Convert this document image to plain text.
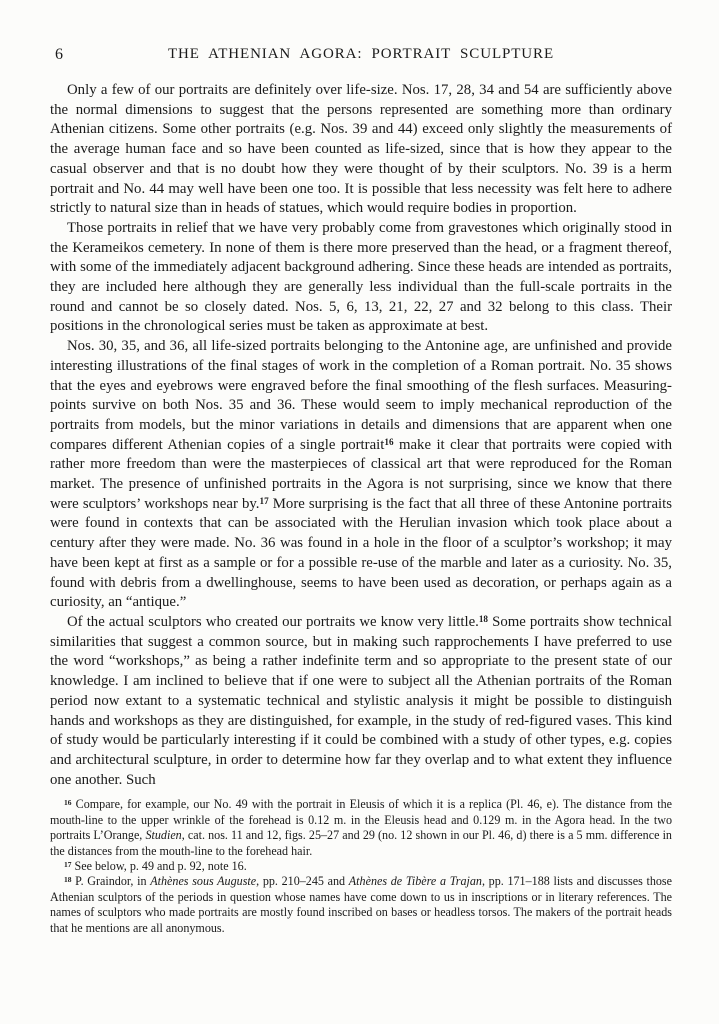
6	THE ATHENIAN AGORA: PORTRAIT SCULPTURE

Only a few of our portraits are definitely over life-size. Nos. 17, 28, 34 and 54 are sufficiently above the normal dimensions to suggest that the persons represented are something more than ordinary Athenian citizens. Some other portraits (e.g. Nos. 39 and 44) exceed only slightly the measurements of the average human face and so have been counted as life-sized, since that is how they appear to the casual observer and that is no doubt how they were thought of by their sculptors. No. 39 is a herm portrait and No. 44 may well have been one too. It is possible that less necessity was felt here to adhere strictly to natural size than in heads of statues, which would require bodies in proportion.

Those portraits in relief that we have very probably come from gravestones which originally stood in the Kerameikos cemetery. In none of them is there more preserved than the head, or a fragment thereof, with some of the immediately adjacent background adhering. Since these heads are intended as portraits, they are included here although they are generally less individual than the full-scale portraits in the round and cannot be so closely dated. Nos. 5, 6, 13, 21, 22, 27 and 32 belong to this class. Their positions in the chronological series must be taken as approximate at best.

Nos. 30, 35, and 36, all life-sized portraits belonging to the Antonine age, are unfinished and provide interesting illustrations of the final stages of work in the completion of a Roman portrait. No. 35 shows that the eyes and eyebrows were engraved before the final smoothing of the flesh surfaces. Measuring-points survive on both Nos. 35 and 36. These would seem to imply mechanical reproduction of the portraits from models, but the minor variations in details and dimensions that are apparent when one compares different Athenian copies of a single portrait$^{16}$ make it clear that portraits were copied with rather more freedom than were the masterpieces of classical art that were reproduced for the Roman market. The presence of unfinished portraits in the Agora is not surprising, since we know that there were sculptors’ workshops near by.$^{17}$ More surprising is the fact that all three of these Antonine portraits were found in contexts that can be associated with the Herulian invasion which took place about a century after they were made. No. 36 was found in a hole in the floor of a sculptor’s workshop; it may have been kept at first as a sample or for a possible re-use of the marble and later as a curiosity. No. 35, found with debris from a dwellinghouse, seems to have been used as decoration, or perhaps again as a curiosity, an “antique.”

Of the actual sculptors who created our portraits we know very little.$^{18}$ Some portraits show technical similarities that suggest a common source, but in making such rapprochements I have preferred to use the word “workshops,” as being a rather indefinite term and so appropriate to the present state of our knowledge. I am inclined to believe that if one were to subject all the Athenian portraits of the Roman period now extant to a systematic technical and stylistic analysis it might be possible to distinguish hands and workshops as they are distinguished, for example, in the study of red-figured vases. This kind of study would be particularly interesting if it could be combined with a study of other types, e.g. copies and architectural sculpture, in order to determine how far they overlap and to what extent they influence one another. Such

$^{16}$ Compare, for example, our No. 49 with the portrait in Eleusis of which it is a replica (Pl. 46, e). The distance from the mouth-line to the upper wrinkle of the forehead is 0.12 m. in the Eleusis head and 0.129 m. in the Agora head. In the two portraits L’Orange, Studien, cat. nos. 11 and 12, figs. 25–27 and 29 (no. 12 shown in our Pl. 46, d) there is a 5 mm. difference in the distances from the mouth-line to the forehead hair.

$^{17}$ See below, p. 49 and p. 92, note 16.

$^{18}$ P. Graindor, in Athènes sous Auguste, pp. 210–245 and Athènes de Tibère a Trajan, pp. 171–188 lists and discusses those Athenian sculptors of the periods in question whose names have come down to us in inscriptions or in literary references. The names of sculptors who made portraits are mostly found inscribed on bases or headless torsos. The makers of the portrait heads that he mentions are all anonymous.
